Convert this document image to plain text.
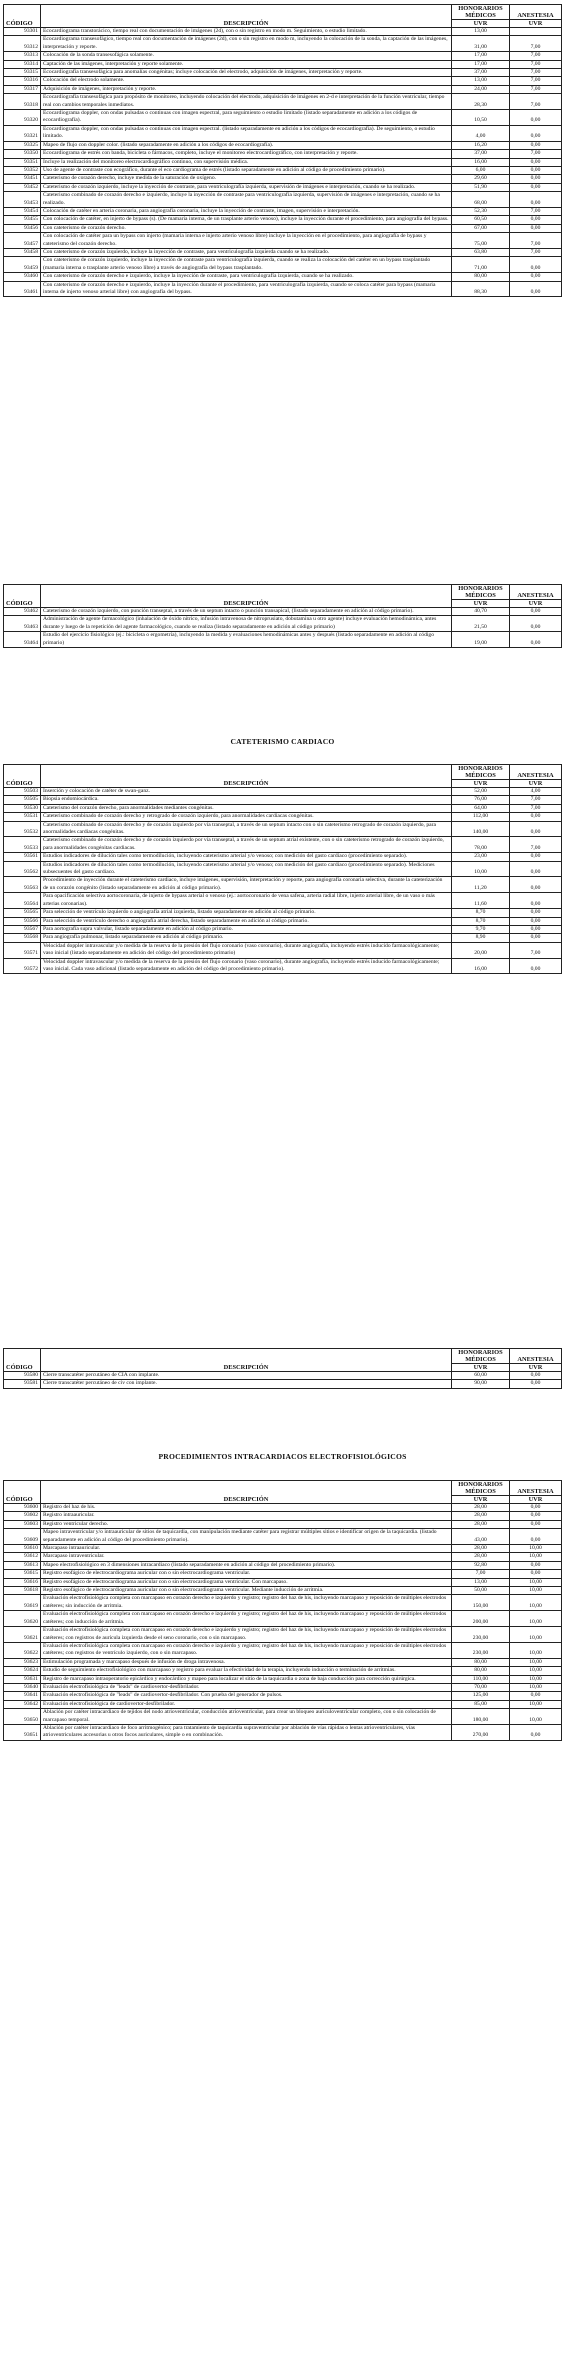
CÓDIGO	DESCRIPCIÓN	HONORARIOS MÉDICOS	ANESTESIA
		UVR	UVR
93301	Ecocardiograma transtorácico, tiempo real con documentación de imágenes (2d), con o sin registro en modo m. Seguimiento, o estudio limitado.	13,00	
93312	Ecocardiograma transesofágico, tiempo real con documentación de imágenes (2d), con o sin registro en modo m, incluyendo la colocación de la sonda, la captación de las imágenes, interpretación y reporte.	31,00	7,00
93313	Colocación de la sonda transesofágica solamente.	17,00	7,00
93314	Captación de las imágenes, interpretación y reporte solamente.	17,00	7,00
93315	Ecocardiografía transesofágica para anomalías congénitas; incluye colocación del electrodo, adquisición de imágenes, interpretación y reporte.	37,00	7,00
93316	Colocación del electrodo solamente.	13,00	7,00
93317	Adquisición de imágenes, interpretación y reporte.	24,00	7,00
93318	Ecocardiografía transesofágica para propósito de monitoreo, incluyendo colocación del electrodo, adquisición de imágenes en 2-d e interpretación de la función ventricular, tiempo real con cambios temporales inmediatos.	28,30	7,00
93320	Ecocardiograma doppler, con ondas pulsadas o continuas con imagen espectral, para seguimiento o estudio limitado (listado separadamente en adición a los códigos de ecocardiografía).	10,50	0,00
93321	Ecocardiograma doppler, con ondas pulsadas o continuas con imagen espectral. (listado separadamente en adición a los códigos de ecocardiografía). De seguimiento, o estudio limitado.	4,00	0,00
93325	Mapeo de flujo con doppler color. (listado separadamente en adición a los códigos de ecocardiografía).	16,20	0,00
93350	Ecocardiograma de estrés con banda, bicicleta o fármacos, completo, incluye el monitoreo electrocardiográfico, con interpretación y reporte.	37,00	7,00
93351	Incluye la realización del monitoreo electrocardiográfico continuo, con supervisión médica.	16,00	0,00
93352	Uso de agente de contraste con ecográfico, durante el eco cardiograma de estrés (listado separadamente en adición al código de procedimiento primario).	6,00	0,00
93451	Cateterismo de corazón derecho, incluye medida de la saturación de oxígeno.	29,60	0,00
93452	Cateterismo de corazón izquierdo, incluye la inyección de contraste, para ventriculografía izquierda, supervisión de imágenes e interpretación, cuando se ha realizado.	51,90	0,00
93453	Cateterismo combinado de corazón derecho e izquierdo, incluye la inyección de contraste para ventriculografía izquierda, supervisión de imágenes e interpretación, cuando se ha realizado.	68,00	0,00
93454	Colocación de catéter en arteria coronaria, para angiografía coronaria, incluye la inyección de contraste, imagen, supervisión e interpretación.	52,30	7,00
93455	Con colocación de catéter, en injerto de bypass (s). (De mamaria interna, de un trasplante arterio venoso), incluye la inyección durante el procedimiento, para angiografía del bypass.	60,50	0,00
93456	Con cateterismo de corazón derecho.	67,00	0,00
93457	Con colocación de catéter para un bypass con injerto (mamaria interna e injerto arterio venoso libre) incluye la inyección en el procedimiento, para angiografía de bypass y cateterismo del corazón derecho.	75,00	7,00
93458	Con cateterismo de corazón izquierdo, incluye la inyección de contraste, para ventriculografía izquierda cuando se ha realizado.	63,80	7,00
93459	Con cateterismo de corazón izquierdo, incluye la inyección de contraste para ventriculografía izquierda, cuando se realiza la colocación del catéter en un bypass trasplantado (mamaria interna o trasplante arterio venoso libre) a través de angiografía del bypass trasplantado.	71,00	0,00
93460	Con cateterismo de corazón derecho e izquierdo, incluye la inyección de contraste, para ventriculografía izquierda, cuando se ha realizado.	80,00	0,00
93461	Con cateterismo de corazón derecho e izquierdo, incluye la inyección durante el procedimiento, para ventriculografía izquierda, cuando se coloca catéter para bypass (mamaria interna de injerto venoso arterial libre) con angiografía del bypass.	88,30	0,00
CÓDIGO	DESCRIPCIÓN	HONORARIOS MÉDICOS	ANESTESIA
		UVR	UVR
93462	Cateterismo de corazón izquierdo, con punción transeptal, a través de un septum intacto o punción transapical, (listado separadamente en adición al código primario).	40,70	0,00
93463	Administración de agente farmacológico (inhalación de óxido nítrico, infusión intravenosa de nitroprusiato, dobutamina u otro agente) incluye evaluación hemodinámica, antes durante y luego de la repetición del agente farmacológico, cuando se realiza (listado separadamente en adición al código primario)	21,50	0,00
93464	Estudio del ejercicio fisiológico (ej.: bicicleta o ergometría), incluyendo la medida y evaluaciones hemodinámicas antes y después (listado separadamente en adición al código primario)	19,00	0,00
CATETERISMO CARDIACO
CÓDIGO	DESCRIPCIÓN	HONORARIOS MÉDICOS	ANESTESIA
		UVR	UVR
93503	Inserción y colocación de catéter de swan-ganz.	52,00	4,00
93505	Biopsia endomiocárdica.	76,00	7,00
93530	Cateterismo del corazón derecho, para anormalidades mediantes congénitas.	64,00	7,00
93531	Cateterismo combinado de corazón derecho y retrogrado de corazón izquierdo, para anormalidades cardiacas congénitas.	112,00	0,00
93532	Cateterismo combinado de corazón derecho y de corazón izquierdo por vía transeptal, a través de un septum intacto con o sin cateterismo retrogrado de corazón izquierdo, para anormalidades cardiacas congénitas.	140,00	0,00
93533	Cateterismo combinado de corazón derecho y de corazón izquierdo por vía transeptal, a través de un septum atrial existente, con o sin cateterismo retrogrado de corazón izquierdo, para anormalidades congénitas cardiacas.	78,00	7,00
93561	Estudios indicadores de dilución tales como termodilución, incluyendo cateterismo arterial y/o venoso; con medición del gasto cardiaco (procedimiento separado).	23,00	0,00
93562	Estudios indicadores de dilución tales como termodilución, incluyendo cateterismo arterial y/o venoso; con medición del gasto cardiaco (procedimiento separado). Mediciones subsecuentes del gasto cardiaco.	10,00	0,00
93563	Procedimiento de inyección durante el cateterismo cardiaco, incluye imágenes, supervisión, interpretación y reporte, para angiografía coronaria selectiva, durante la cateterización de un corazón congénito (listado separadamente en adición al código primario).	11,20	0,00
93564	Para opacificación selectiva aortocoronaria, de injerto de bypass arterial o venoso (ej.: aortocoronario de vena safena, arteria radial libre, injerto arterial libre, de un vaso o más arterias coronarias).	11,60	0,00
93565	Para selección de ventrículo izquierdo o angiografía atrial izquierda, listado separadamente en adición al código primario.	8,70	0,00
93566	Para selección de ventrículo derecho o angiografía atrial derecha, listado separadamente en adición al código primario.	8,70	0,00
93567	Para aortografía supra valvular, listado separadamente en adición al código primario.	9,70	0,00
93568	Para angiografía pulmonar, listado separadamente en adición al código primario.	8,90	0,00
93571	Velocidad doppler intravascular y/o medida de la reserva de la presión del flujo coronario (vaso coronario), durante angiografía, incluyendo estrés inducido farmacológicamente; vaso inicial (listado separadamente en adición del código del procedimiento primario)	20,00	7,00
93572	Velocidad doppler intravascular y/o medida de la reserva de la presión del flujo coronario (vaso coronario), durante angiografía, incluyendo estrés inducido farmacológicamente; vaso inicial. Cada vaso adicional (listado separadamente en adición del código del procedimiento primario).	16,00	0,00
CÓDIGO	DESCRIPCIÓN	HONORARIOS MÉDICOS	ANESTESIA
		UVR	UVR
93580	Cierre transcatéter percutáneo de CIA con implante.	60,00	0,00
93581	Cierre transcatéter percutáneo de civ con implante.	90,00	0,00
PROCEDIMIENTOS INTRACARDIACOS ELECTROFISIOLÓGICOS
CÓDIGO	DESCRIPCIÓN	HONORARIOS MÉDICOS	ANESTESIA
		UVR	UVR
93600	Registro del haz de his.	28,00	0,00
93602	Registro intraauricular.	28,00	0,00
93603	Registro ventricular derecho.	28,00	0,00
93609	Mapeo intraventricular y/o intraauricular de sitios de taquicardia, con manipulación mediante catéter para registrar múltiples sitios e identificar origen de la taquicardia. (listado separadamente en adición al código del procedimiento primario).	43,00	0,00
93610	Marcapaso intraauricular.	28,00	10,00
93612	Marcapaso intraventricular.	28,00	10,00
93613	Mapeo electrofisiológico en 3 dimensiones intracardiaco (listado separadamente en adición al código del procedimiento primario).	92,80	0,00
93615	Registro esofágico de electrocardiograma auricular con o sin electrocardiograma ventricular.	7,00	0,00
93616	Registro esofágico de electrocardiograma auricular con o sin electrocardiograma ventricular. Con marcapaso.	13,00	10,00
93618	Registro esofágico de electrocardiograma auricular con o sin electrocardiograma ventricular. Mediante inducción de arritmia.	50,00	10,00
93619	Evaluación electrofisiológica completa con marcapaso en corazón derecho e izquierdo y registro; registro del haz de his, incluyendo marcapaso y reposición de múltiples electrodos catéteres; sin inducción de arritmia.	150,00	10,00
93620	Evaluación electrofisiológica completa con marcapaso en corazón derecho e izquierdo y registro; registro del haz de his, incluyendo marcapaso y reposición de múltiples electrodos catéteres; con inducción de arritmia.	200,00	10,00
93621	Evaluación electrofisiológica completa con marcapaso en corazón derecho e izquierdo y registro; registro del haz de his, incluyendo marcapaso y reposición de múltiples electrodos catéteres; con registros de aurícula izquierda desde el seno coronario, con o sin marcapaso.	230,00	10,00
93622	Evaluación electrofisiológica completa con marcapaso en corazón derecho e izquierdo y registro; registro del haz de his, incluyendo marcapaso y reposición de múltiples electrodos catéteres; con registros de ventrículo izquierdo, con o sin marcapaso.	230,00	10,00
93623	Estimulación programada y marcapaso después de infusión de droga intravenosa.	80,00	10,00
93624	Estudio de seguimiento electrofisiológico con marcapaso y registro para evaluar la efectividad de la terapia, incluyendo inducción o terminación de arritmias.	80,00	10,00
93631	Registro de marcapaso intraoperatorio epicárdico y endocárdico y mapeo para localizar el sitio de la taquicardia o zona de baja conducción para corrección quirúrgica.	110,00	10,00
93640	Evaluación electrofisiológica de "leads" de cardiovertor-desfibrilador.	70,00	10,00
93641	Evaluación electrofisiológica de "leads" de cardiovertor-desfibrilador. Con prueba del generador de pulsos.	125,00	0,00
93642	Evaluación electrofisiológica de cardiovertor-desfibrilador.	85,00	10,00
93650	Ablación por catéter intracardiaco de tejidos del nodo atrioventricular, conducción atrioventricular, para crear un bloqueo auriculoventricular completo, con o sin colocación de marcapaso temporal.	180,00	10,00
93651	Ablación por catéter intracardiaco de foco arritmogénico; para tratamiento de taquicardia supraventricular por ablación de vías rápidas o lentas atrioventriculares, vías atrioventriculares accesorias u otros focos auriculares, simple o en combinación.	270,00	0,00
